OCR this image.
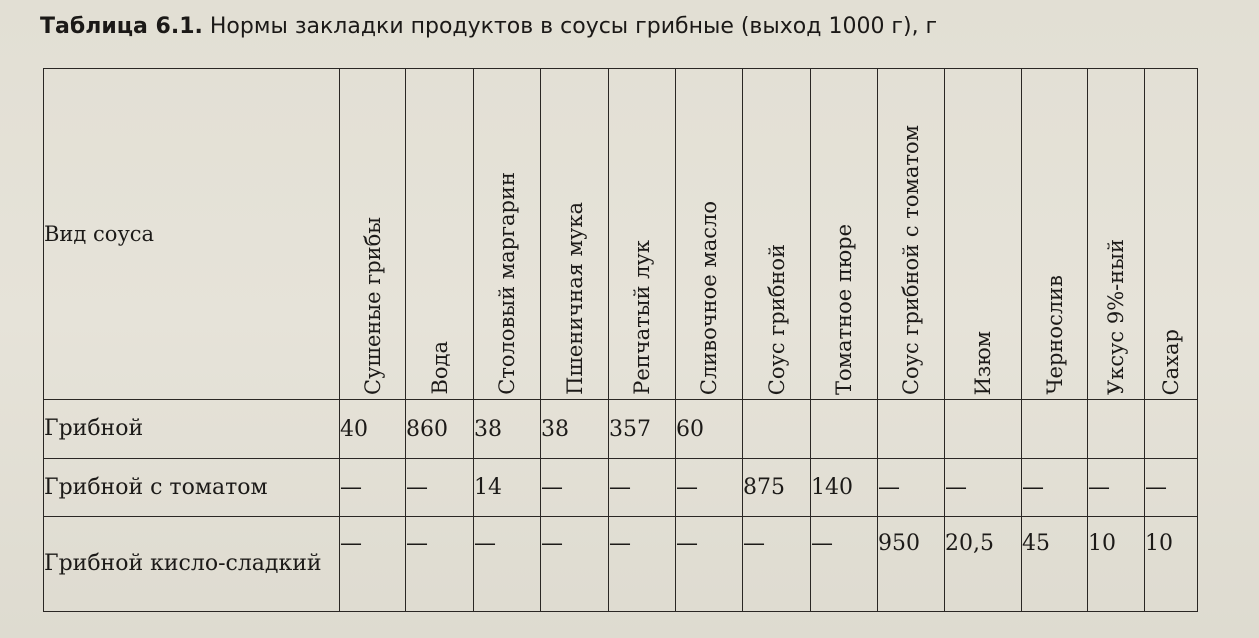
Таблица 6.1. Нормы закладки продуктов в соусы грибные (выход 1000 г), г
Вид соуса	Сушеные грибы	Вода	Столовый маргарин	Пшеничная мука	Репчатый лук	Сливочное масло	Соус грибной	Томатное пюре	Соус грибной с томатом	Изюм	Чернослив	Уксус 9%-ный	Сахар
Грибной	40	860	38	38	357	60							
Грибной с томатом	—	—	14	—	—	—	875	140	—	—	—	—	—
Грибной кисло-сладкий	—	—	—	—	—	—	—	—	950	20,5	45	10	10
